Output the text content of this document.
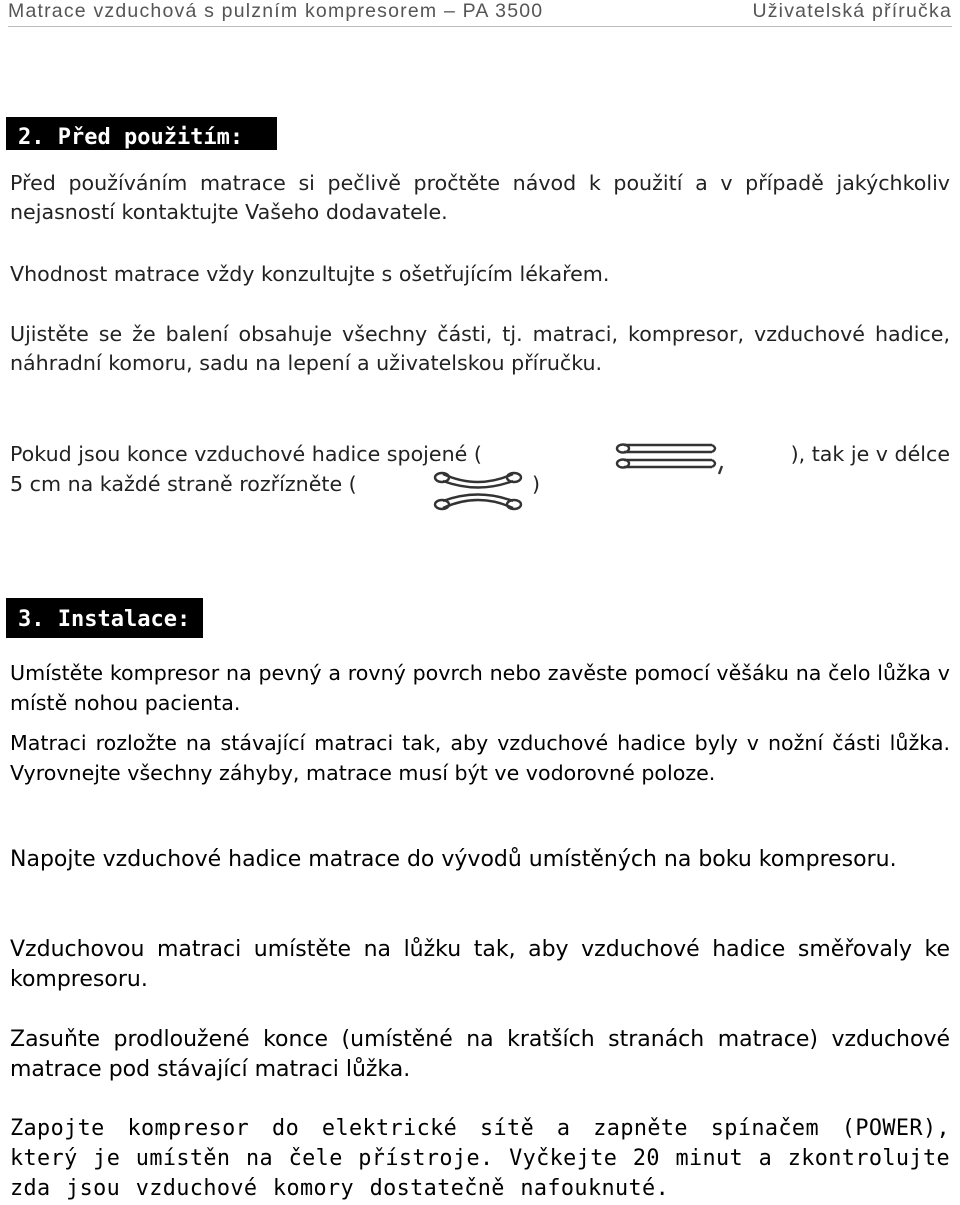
Matrace vzduchová s pulzním kompresorem – PA 3500	Uživatelská příručka
2. Před použitím:

Před používáním matrace si pečlivě pročtěte návod k použití a v případě jakýchkoliv nejasností kontaktujte Vašeho dodavatele.

Vhodnost matrace vždy konzultujte s ošetřujícím lékařem.

Ujistěte se že balení obsahuje všechny části, tj. matraci, kompresor, vzduchové hadice, náhradní komoru, sadu na lepení a uživatelskou příručku.

Pokud jsou konce vzduchové hadice spojené (	), tak je v délce
5 cm na každé straně rozřízněte (	)
3. Instalace:

Umístěte kompresor na pevný a rovný povrch nebo zavěste pomocí věšáku na čelo lůžka v místě nohou pacienta.

Matraci rozložte na stávající matraci tak, aby vzduchové hadice byly v nožní části lůžka. Vyrovnejte všechny záhyby, matrace musí být ve vodorovné poloze.

Napojte vzduchové hadice matrace do vývodů umístěných na boku kompresoru.

Vzduchovou matraci umístěte na lůžku tak, aby vzduchové hadice směřovaly ke kompresoru.

Zasuňte prodloužené konce (umístěné na kratších stranách matrace) vzduchové matrace pod stávající matraci lůžka.

Zapojte kompresor do elektrické sítě a zapněte spínačem (POWER), který je umístěn na čele přístroje. Vyčkejte 20 minut a zkontrolujte zda jsou vzduchové komory dostatečně nafouknuté.
